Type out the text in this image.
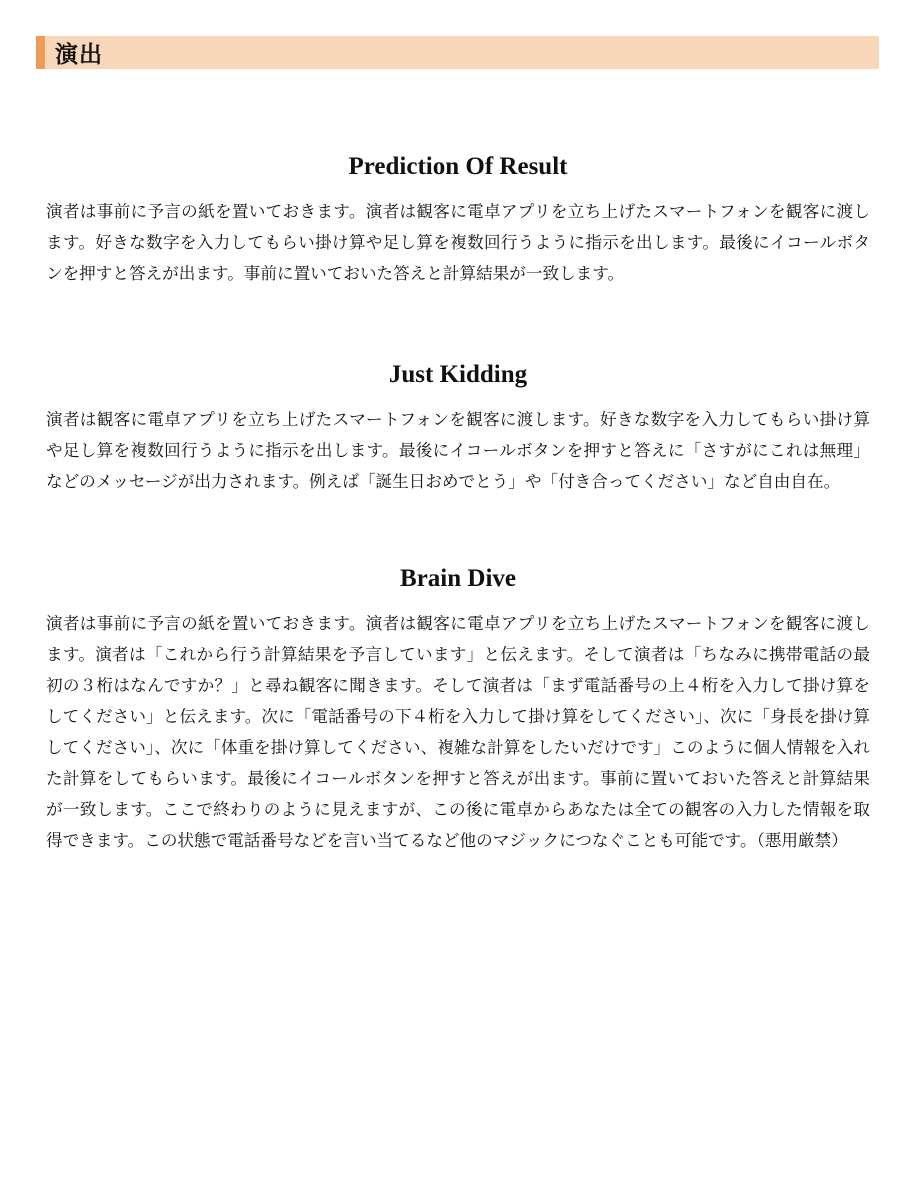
演出
Prediction Of Result

演者は事前に予言の紙を置いておきます。演者は観客に電卓アプリを立ち上げたスマートフォンを観客に渡します。好きな数字を入力してもらい掛け算や足し算を複数回行うように指示を出します。最後にイコールボタンを押すと答えが出ます。事前に置いておいた答えと計算結果が一致します。

Just Kidding

演者は観客に電卓アプリを立ち上げたスマートフォンを観客に渡します。好きな数字を入力してもらい掛け算や足し算を複数回行うように指示を出します。最後にイコールボタンを押すと答えに「さすがにこれは無理」などのメッセージが出力されます。例えば「誕生日おめでとう」や「付き合ってください」など自由自在。

Brain Dive

演者は事前に予言の紙を置いておきます。演者は観客に電卓アプリを立ち上げたスマートフォンを観客に渡します。演者は「これから行う計算結果を予言しています」と伝えます。そして演者は「ちなみに携帯電話の最初の３桁はなんですか？」と尋ね観客に聞きます。そして演者は「まず電話番号の上４桁を入力して掛け算をしてください」と伝えます。次に「電話番号の下４桁を入力して掛け算をしてください」、次に「身長を掛け算してください」、次に「体重を掛け算してください、複雑な計算をしたいだけです」このように個人情報を入れた計算をしてもらいます。最後にイコールボタンを押すと答えが出ます。事前に置いておいた答えと計算結果が一致します。ここで終わりのように見えますが、この後に電卓からあなたは全ての観客の入力した情報を取得できます。この状態で電話番号などを言い当てるなど他のマジックにつなぐことも可能です。（悪用厳禁）
